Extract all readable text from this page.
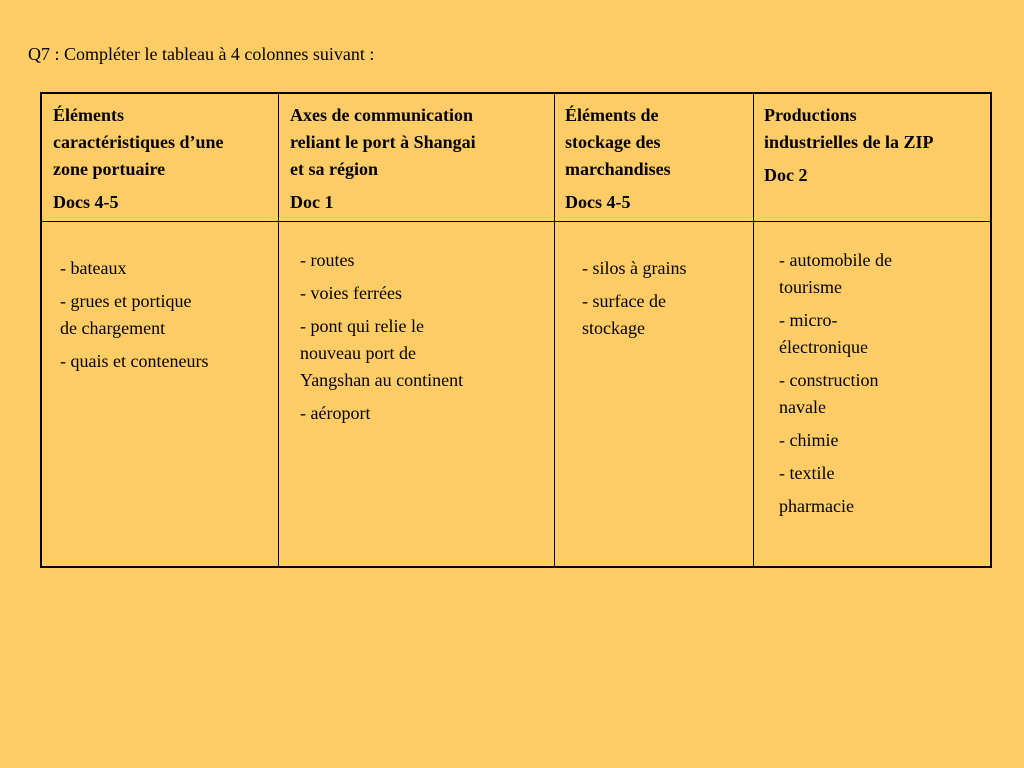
Q7 : Compléter le tableau à 4 colonnes suivant :
Éléments
caractéristiques d’une
zone portuaire
Docs 4-5
Axes de communication
reliant le port à Shangai
et sa région
Doc 1
Éléments de
stockage des
marchandises
Docs 4-5
Productions
industrielles de la ZIP
Doc 2
- bateaux
- grues et portique
de chargement
- quais et conteneurs
- routes
- voies ferrées
- pont qui relie le
nouveau port de
Yangshan au continent
- aéroport
- silos à grains
- surface de
stockage
- automobile de
tourisme
- micro-
électronique
- construction
navale
- chimie
- textile
pharmacie
